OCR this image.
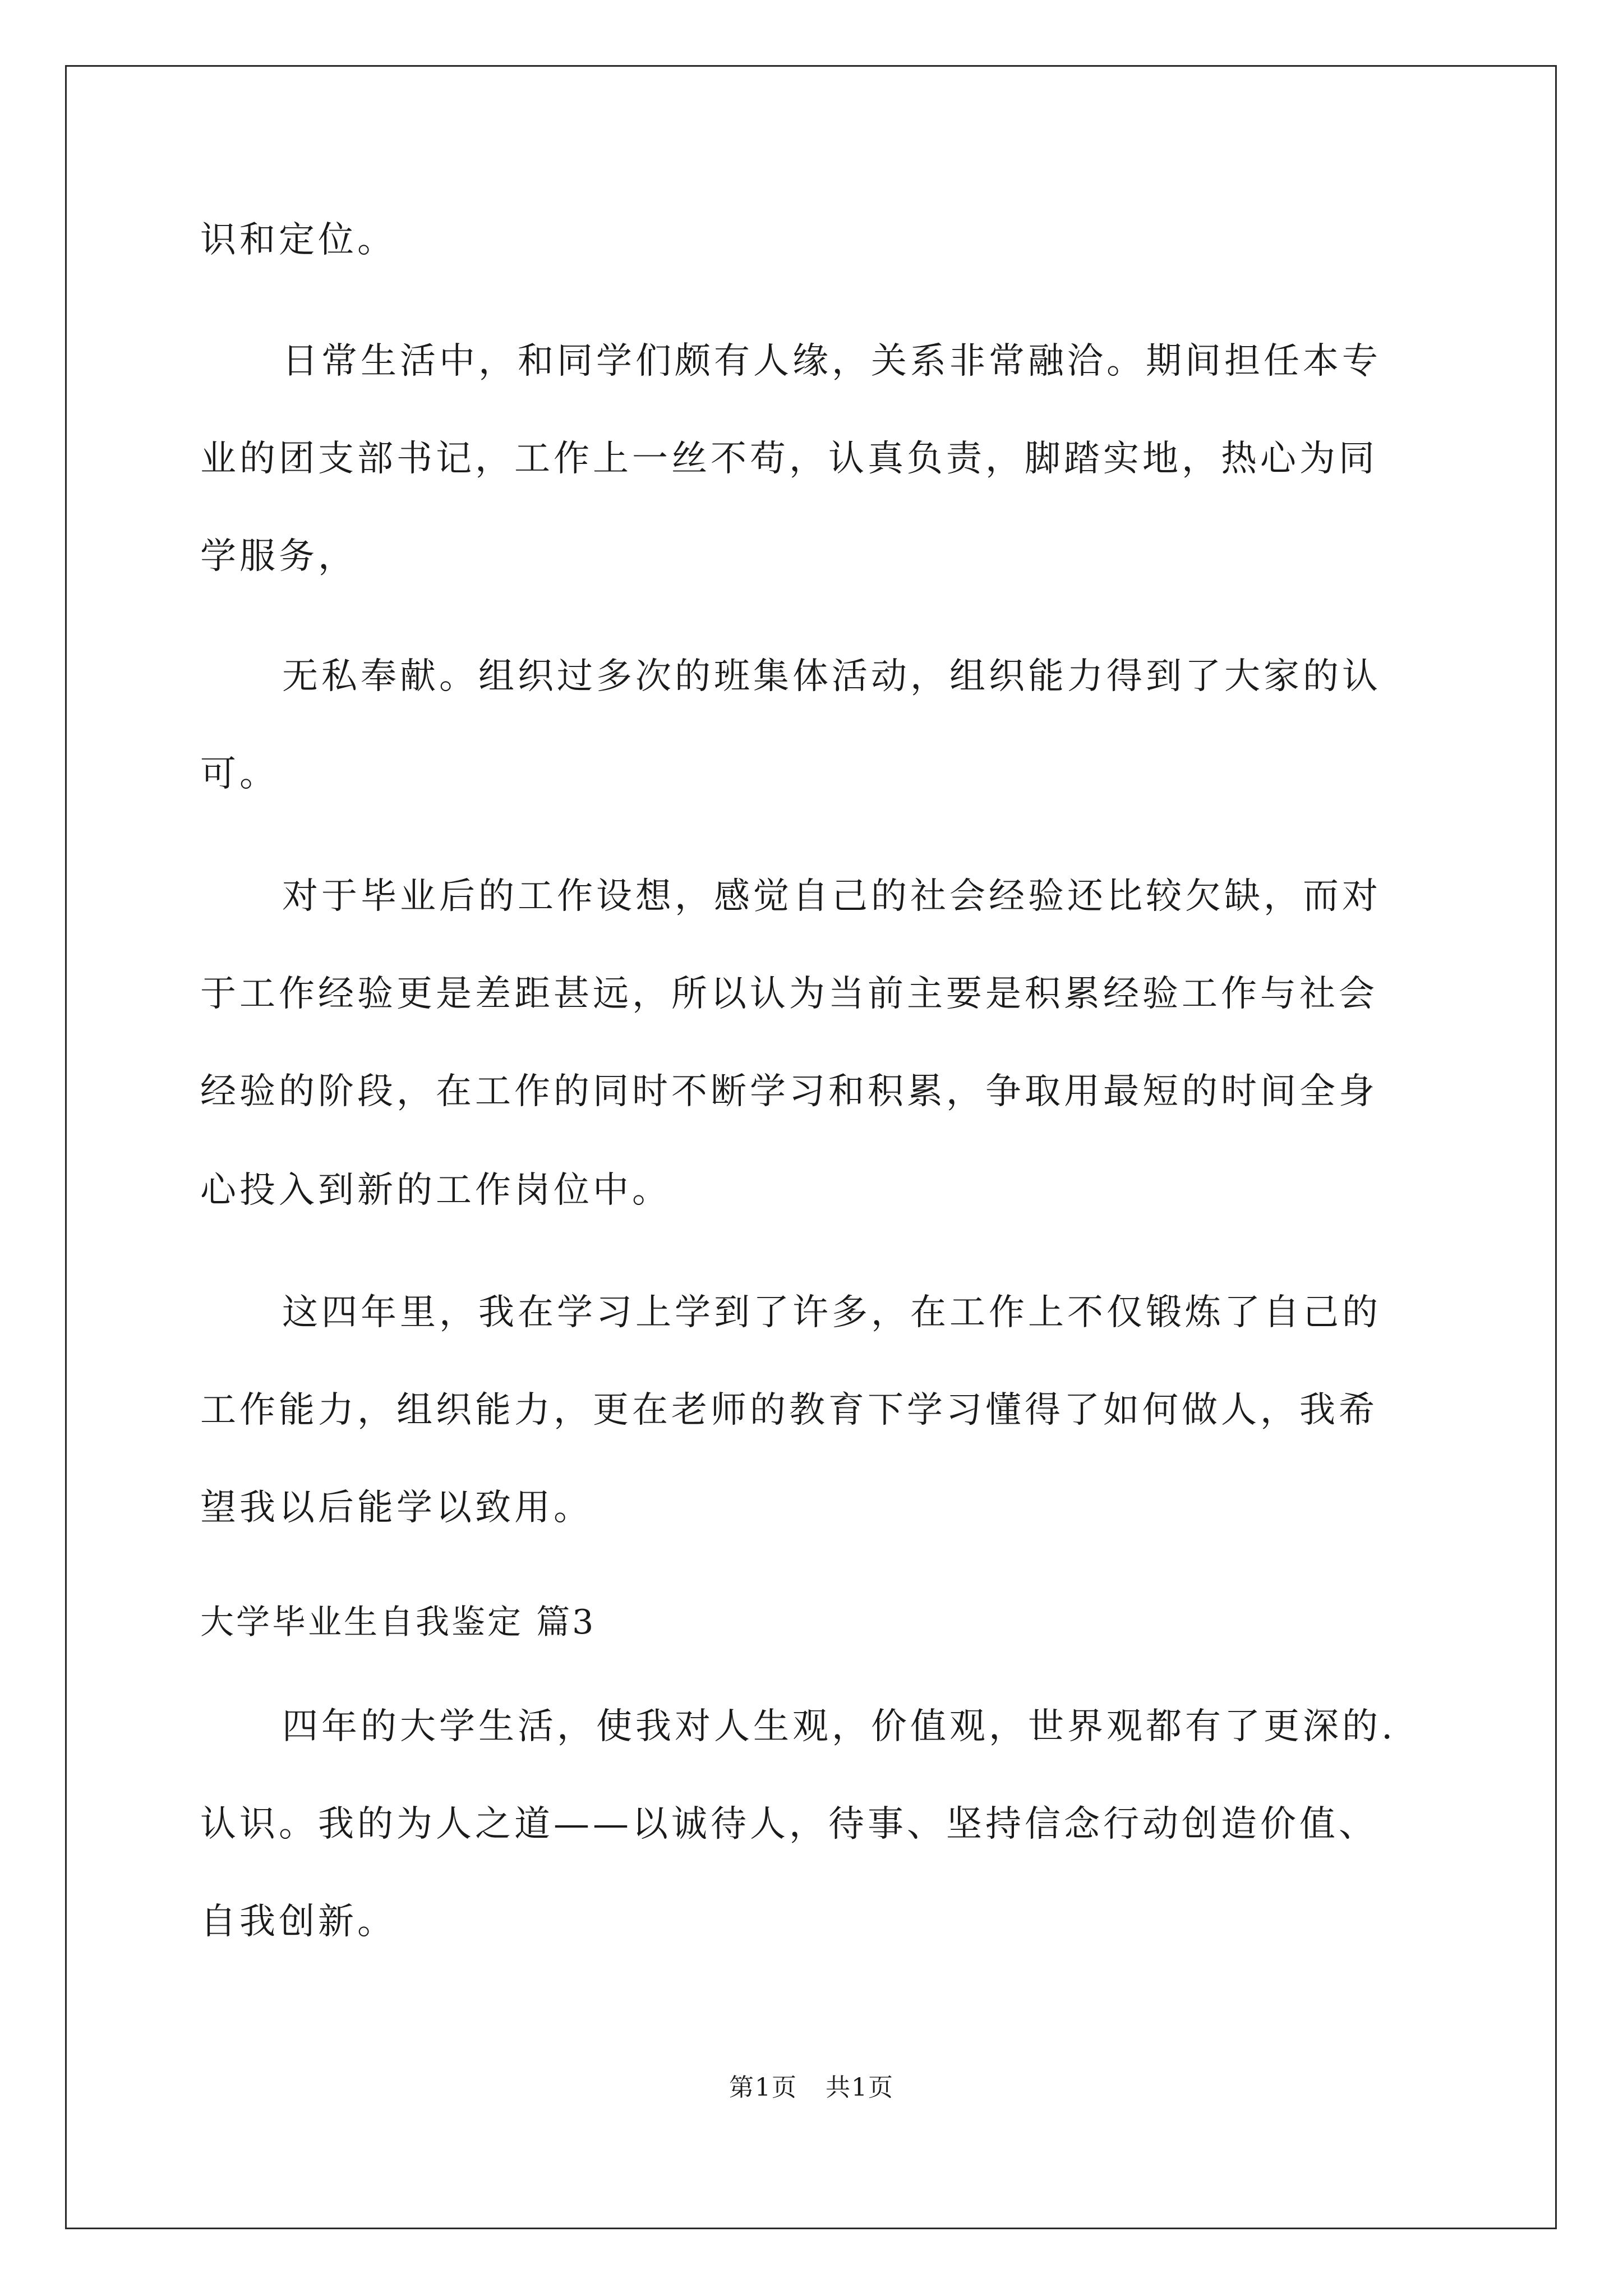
识和定位。
日常生活中，和同学们颇有人缘，关系非常融洽。期间担任本专
业的团支部书记，工作上一丝不苟，认真负责，脚踏实地，热心为同
学服务，
无私奉献。组织过多次的班集体活动，组织能力得到了大家的认
可。
对于毕业后的工作设想，感觉自己的社会经验还比较欠缺，而对
于工作经验更是差距甚远，所以认为当前主要是积累经验工作与社会
经验的阶段，在工作的同时不断学习和积累，争取用最短的时间全身
心投入到新的工作岗位中。
这四年里，我在学习上学到了许多，在工作上不仅锻炼了自己的
工作能力，组织能力，更在老师的教育下学习懂得了如何做人，我希
望我以后能学以致用。
大学毕业生自我鉴定 篇3
四年的大学生活，使我对人生观，价值观，世界观都有了更深的.
认识。我的为人之道——以诚待人，待事、坚持信念行动创造价值、
自我创新。
第1页 共1页
